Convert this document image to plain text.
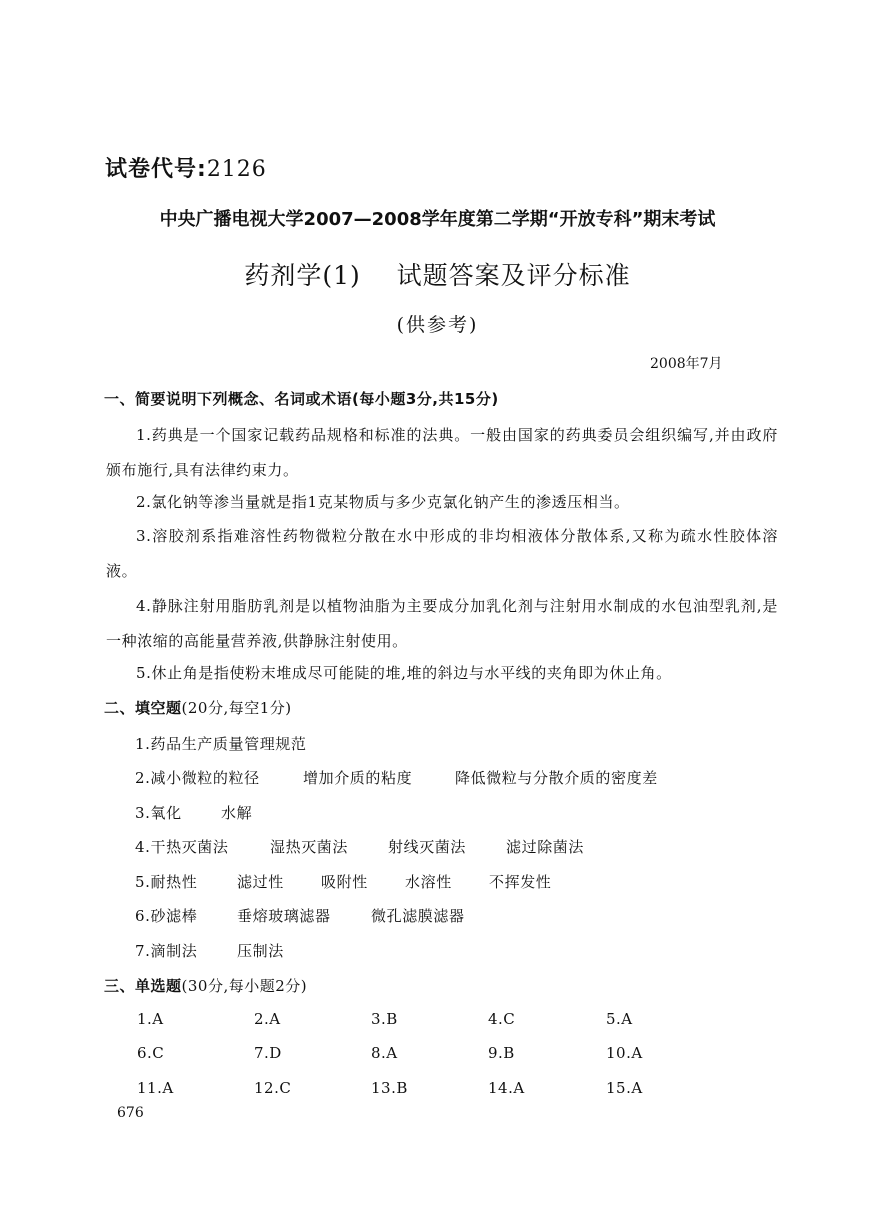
试卷代号:2126
中央广播电视大学2007—2008学年度第二学期“开放专科”期末考试
药剂学(1)    试题答案及评分标准
(供参考)
2008年7月
一、简要说明下列概念、名词或术语(每小题3分,共15分)
1.药典是一个国家记载药品规格和标准的法典。一般由国家的药典委员会组织编写,并由政府颁布施行,具有法律约束力。
2.氯化钠等渗当量就是指1克某物质与多少克氯化钠产生的渗透压相当。
3.溶胶剂系指难溶性药物微粒分散在水中形成的非均相液体分散体系,又称为疏水性胶体溶液。
4.静脉注射用脂肪乳剂是以植物油脂为主要成分加乳化剂与注射用水制成的水包油型乳剂,是一种浓缩的高能量营养液,供静脉注射使用。
5.休止角是指使粉末堆成尽可能陡的堆,堆的斜边与水平线的夹角即为休止角。
二、填空题(20分,每空1分)
1.药品生产质量管理规范
2.减小微粒的粒径	增加介质的粘度	降低微粒与分散介质的密度差
3.氧化	水解
4.干热灭菌法	湿热灭菌法	射线灭菌法	滤过除菌法
5.耐热性	滤过性 吸附性 水溶性 不挥发性
6.砂滤棒	垂熔玻璃滤器	微孔滤膜滤器
7.滴制法	压制法
三、单选题(30分,每小题2分)
1.A	2.A	3.B	4.C	5.A
6.C	7.D	8.A	9.B	10.A
11.A	12.C	13.B	14.A	15.A
676
